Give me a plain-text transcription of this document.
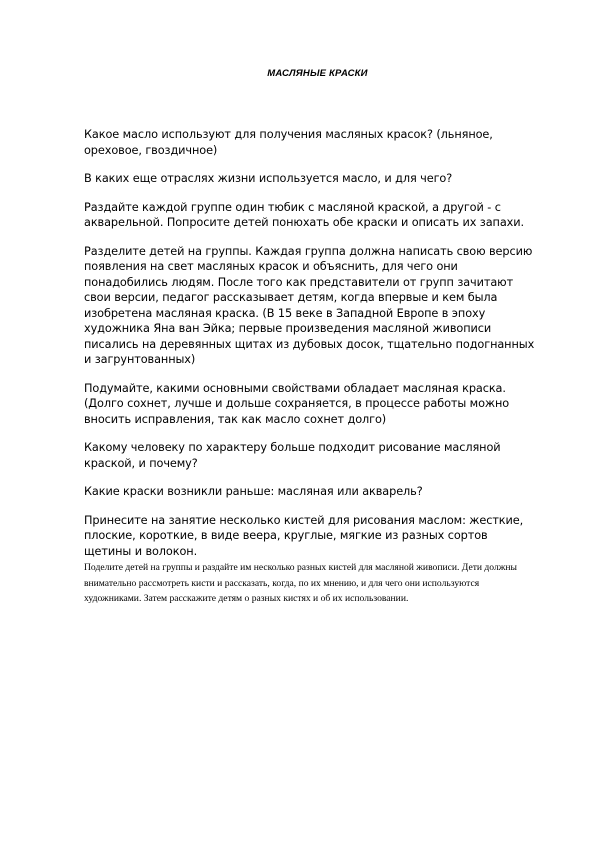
МАСЛЯНЫЕ КРАСКИ

Какое масло используют для получения масляных красок? (льняное, ореховое, гвоздичное)

В каких еще отраслях жизни используется масло, и для чего?

Раздайте каждой группе один тюбик с масляной краской, а другой - с акварельной. Попросите детей понюхать обе краски и описать их запахи.

Разделите детей на группы. Каждая группа должна написать свою версию появления на свет масляных красок и объяснить, для чего они понадобились людям. После того как представители от групп зачитают свои версии, педагог рассказывает детям, когда впервые и кем была изобретена масляная краска. (В 15 веке в Западной Европе в эпоху художника Яна ван Эйка; первые произведения масляной живописи писались на деревянных щитах из дубовых досок, тщательно подогнанных и загрунтованных)

Подумайте, какими основными свойствами обладает масляная краска. (Долго сохнет, лучше и дольше сохраняется, в процессе работы можно вносить исправления, так как масло сохнет долго)

Какому человеку по характеру больше подходит рисование масляной краской, и почему?

Какие краски возникли раньше: масляная или акварель?

Принесите на занятие несколько кистей для рисования маслом: жесткие, плоские, короткие, в виде веера, круглые, мягкие из разных сортов щетины и волокон.

Поделите детей на группы и раздайте им несколько разных кистей для масляной живописи. Дети должны внимательно рассмотреть кисти и рассказать, когда, по их мнению, и для чего они используются художниками. Затем расскажите детям о разных кистях и об их использовании.
